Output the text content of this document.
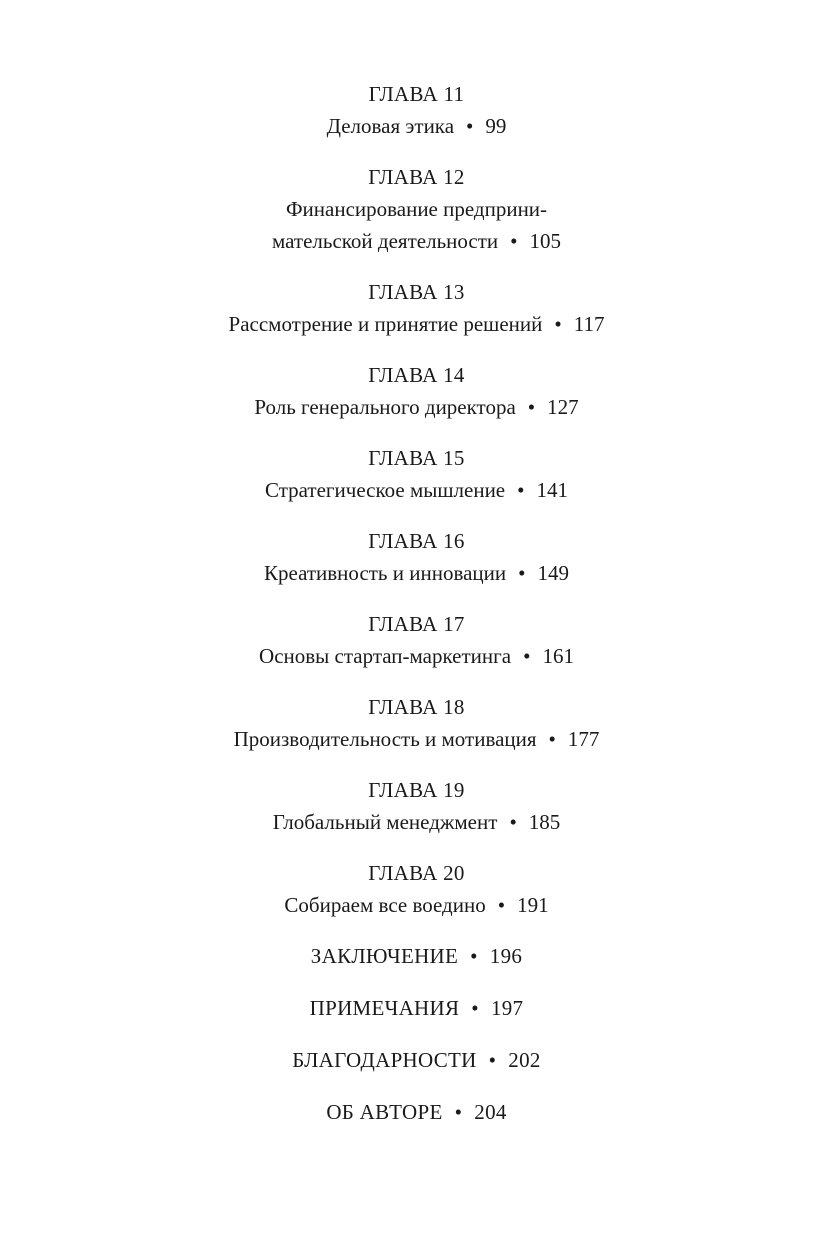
ГЛАВА 11
Деловая этика • 99
ГЛАВА 12
Финансирование предприни-
мательской деятельности • 105
ГЛАВА 13
Рассмотрение и принятие решений • 117
ГЛАВА 14
Роль генерального директора • 127
ГЛАВА 15
Стратегическое мышление • 141
ГЛАВА 16
Креативность и инновации • 149
ГЛАВА 17
Основы стартап-маркетинга • 161
ГЛАВА 18
Производительность и мотивация • 177
ГЛАВА 19
Глобальный менеджмент • 185
ГЛАВА 20
Собираем все воедино • 191
ЗАКЛЮЧЕНИЕ • 196
ПРИМЕЧАНИЯ • 197
БЛАГОДАРНОСТИ • 202
ОБ АВТОРЕ • 204
